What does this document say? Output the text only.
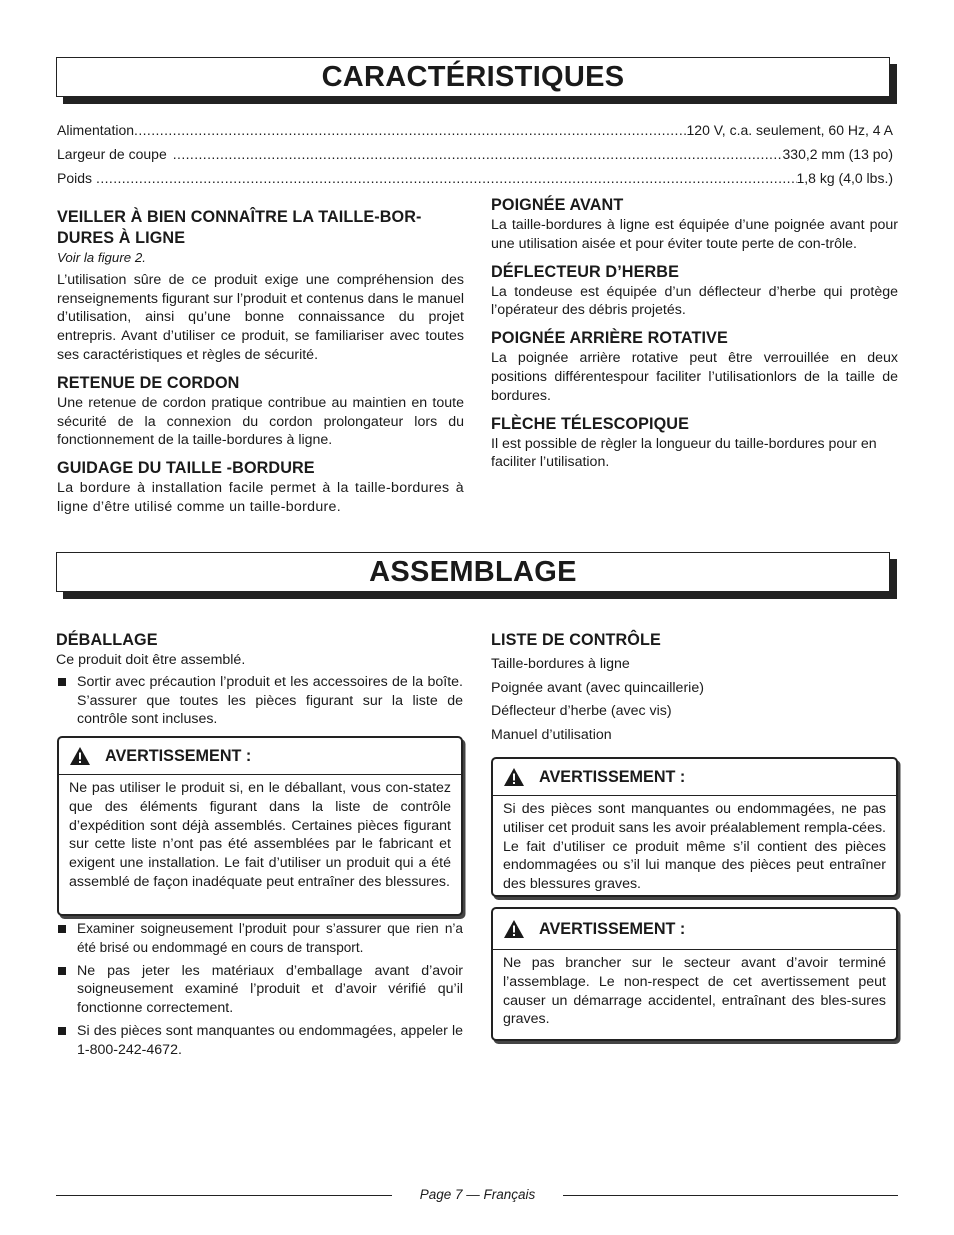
CARACTÉRISTIQUES
Alimentation .....	120 V, c.a. seulement, 60 Hz, 4 A
Largeur de coupe .....	330,2 mm (13 po)
Poids .....	1,8 kg (4,0 lbs.)
VEILLER À BIEN CONNAÎTRE LA TAILLE-BOR-DURES À LIGNE

Voir la figure 2.

L’utilisation sûre de ce produit exige une compréhension des renseignements figurant sur l’produit et contenus dans le manuel d’utilisation, ainsi qu’une bonne connaissance du projet entrepris. Avant d’utiliser ce produit, se familiariser avec toutes ses caractéristiques et règles de sécurité.

RETENUE DE CORDON

Une retenue de cordon pratique contribue au maintien en toute sécurité de la connexion du cordon prolongateur lors du fonctionnement de la taille-bordures à ligne.

GUIDAGE DU TAILLE -BORDURE

La bordure à installation facile permet à la taille-bordures à ligne d’être utilisé comme un taille-bordure.

POIGNÉE AVANT

La taille-bordures à ligne est équipée d’une poignée avant pour une utilisation aisée et pour éviter toute perte de con-trôle.

DÉFLECTEUR D’HERBE

La tondeuse est équipée d’un déflecteur d’herbe qui protège l’opérateur des débris projetés.

POIGNÉE ARRIÈRE ROTATIVE

La poignée arrière rotative peut être verrouillée en deux positions différentespour faciliter l’utilisationlors de la taille de bordures.

FLÈCHE TÉLESCOPIQUE

Il est possible de règler la longueur du taille-bordures pour en faciliter l’utilisation.

ASSEMBLAGE
DÉBALLAGE

Ce produit doit être assemblé.

Sortir avec précaution l’produit et les accessoires de la boîte. S’assurer que toutes les pièces figurant sur la liste de contrôle sont incluses.
AVERTISSEMENT :
Ne pas utiliser le produit si, en le déballant, vous con-statez que des éléments figurant dans la liste de contrôle d’expédition sont déjà assemblés. Certaines pièces figurant sur cette liste n’ont pas été assemblées par le fabricant et exigent une installation. Le fait d’utiliser un produit qui a été assemblé de façon inadéquate peut entraîner des blessures.
Examiner soigneusement l’produit pour s’assurer que rien n’a été brisé ou endommagé en cours de transport.
Ne pas jeter les matériaux d’emballage avant d’avoir soigneusement examiné l’produit et d’avoir vérifié qu’il fonctionne correctement.
Si des pièces sont manquantes ou endommagées, appeler le 1-800-242-4672.
LISTE DE CONTRÔLE

Taille-bordures à ligne

Poignée avant (avec quincaillerie)

Déflecteur d’herbe (avec vis)

Manuel d’utilisation

AVERTISSEMENT :
Si des pièces sont manquantes ou endommagées, ne pas utiliser cet produit sans les avoir préalablement rempla-cées. Le fait d’utiliser ce produit même s’il contient des pièces endommagées ou s’il lui manque des pièces peut entraîner des blessures graves.
AVERTISSEMENT :
Ne pas brancher sur le secteur avant d’avoir terminé l’assemblage. Le non-respect de cet avertissement peut causer un démarrage accidentel, entraînant des bles-sures graves.
Page 7 — Français
